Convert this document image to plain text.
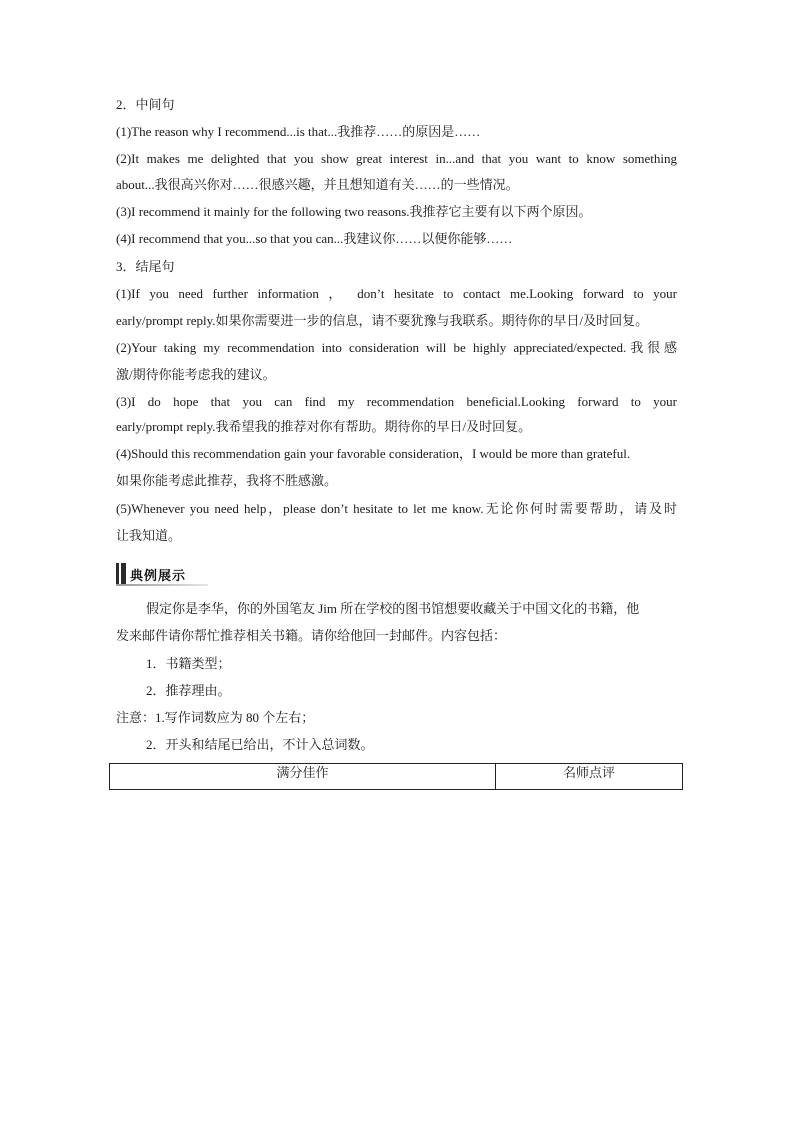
2．中间句
(1)The reason why I recommend...is that...我推荐……的原因是……
(2)It makes me delighted that you show great interest in...and that you want to know something
about...我很高兴你对……很感兴趣，并且想知道有关……的一些情况。
(3)I recommend it mainly for the following two reasons.我推荐它主要有以下两个原因。
(4)I recommend that you...so that you can...我建议你……以便你能够……
3．结尾句
(1)If you need further information ， don’t hesitate to contact me.Looking forward to your
early/prompt reply.如果你需要进一步的信息，请不要犹豫与我联系。期待你的早日/及时回复。
(2)Your taking my recommendation into consideration will be highly appreciated/expected.我很感
激/期待你能考虑我的建议。
(3)I do hope that you can find my recommendation beneficial.Looking forward to your
early/prompt reply.我希望我的推荐对你有帮助。期待你的早日/及时回复。
(4)Should this recommendation gain your favorable consideration，I would be more than grateful.
如果你能考虑此推荐，我将不胜感激。
(5)Whenever you need help，please don’t hesitate to let me know.无论你何时需要帮助，请及时
让我知道。
典例展示
假定你是李华，你的外国笔友 Jim 所在学校的图书馆想要收藏关于中国文化的书籍，他
发来邮件请你帮忙推荐相关书籍。请你给他回一封邮件。内容包括：
1．书籍类型；
2．推荐理由。
注意：1.写作词数应为 80 个左右；
2．开头和结尾已给出，不计入总词数。
满分佳作	名师点评
